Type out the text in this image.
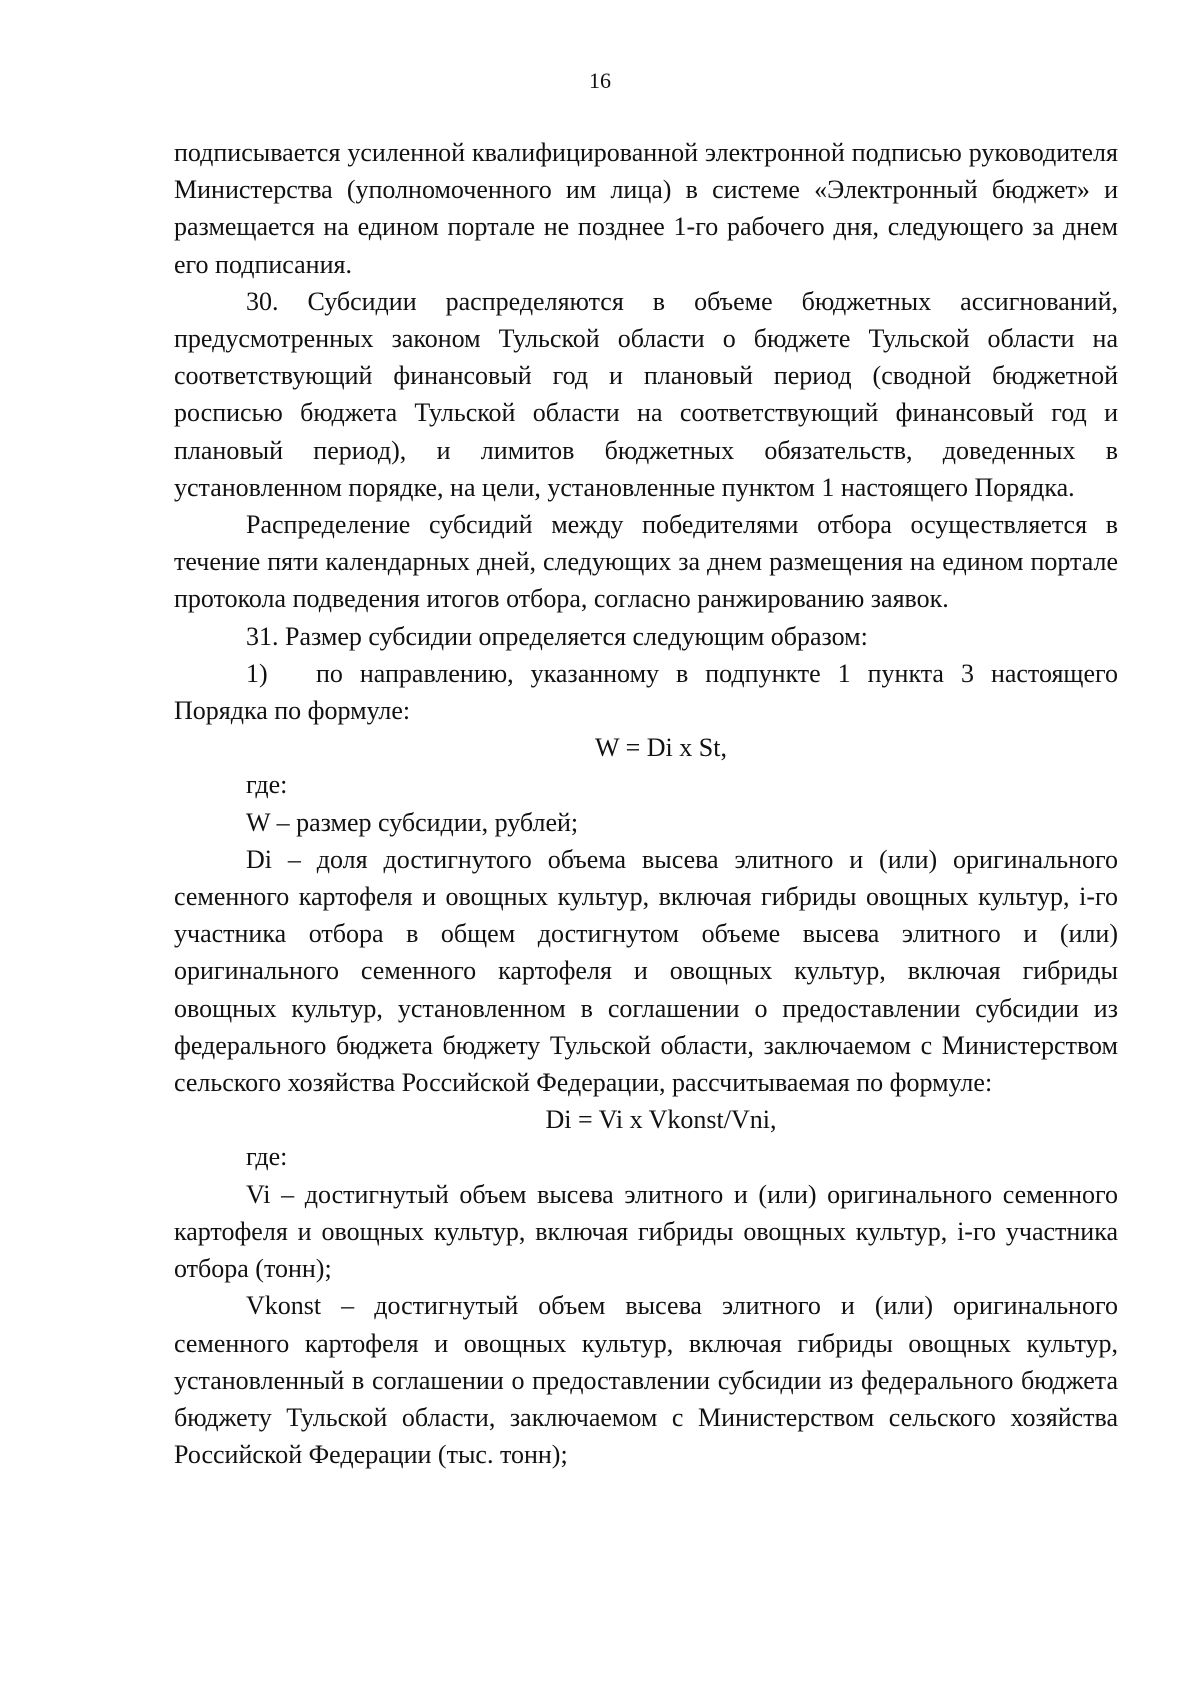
16

подписывается усиленной квалифицированной электронной подписью руководителя Министерства (уполномоченного им лица) в системе «Электронный бюджет» и размещается на едином портале не позднее 1-го рабочего дня, следующего за днем его подписания.

30. Субсидии распределяются в объеме бюджетных ассигнований, предусмотренных законом Тульской области о бюджете Тульской области на соответствующий финансовый год и плановый период (сводной бюджетной росписью бюджета Тульской области на соответствующий финансовый год и плановый период), и лимитов бюджетных обязательств, доведенных в установленном порядке, на цели, установленные пунктом 1 настоящего Порядка.

Распределение субсидий между победителями отбора осуществляется в течение пяти календарных дней, следующих за днем размещения на едином портале протокола подведения итогов отбора, согласно ранжированию заявок.

31. Размер субсидии определяется следующим образом:

1) по направлению, указанному в подпункте 1 пункта 3 настоящего Порядка по формуле:

W = Di x St,

где:

W – размер субсидии, рублей;

Di – доля достигнутого объема высева элитного и (или) оригинального семенного картофеля и овощных культур, включая гибриды овощных культур, i-го участника отбора в общем достигнутом объеме высева элитного и (или) оригинального семенного картофеля и овощных культур, включая гибриды овощных культур, установленном в соглашении о предоставлении субсидии из федерального бюджета бюджету Тульской области, заключаемом с Министерством сельского хозяйства Российской Федерации, рассчитываемая по формуле:

Di = Vi x Vkonst/Vni,

где:

Vi – достигнутый объем высева элитного и (или) оригинального семенного картофеля и овощных культур, включая гибриды овощных культур, i-го участника отбора (тонн);

Vkonst – достигнутый объем высева элитного и (или) оригинального семенного картофеля и овощных культур, включая гибриды овощных культур, установленный в соглашении о предоставлении субсидии из федерального бюджета бюджету Тульской области, заключаемом с Министерством сельского хозяйства Российской Федерации (тыс. тонн);
